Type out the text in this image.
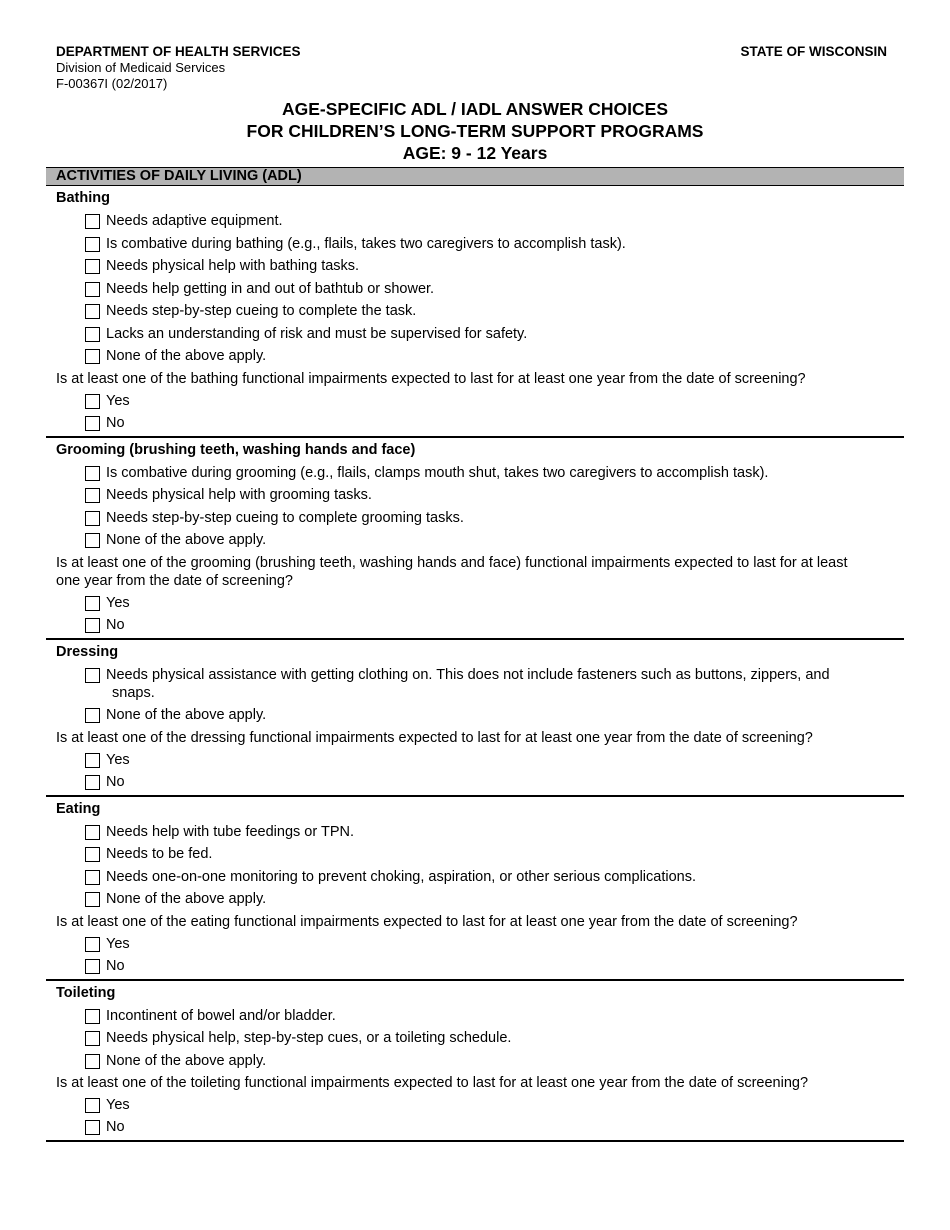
DEPARTMENT OF HEALTH SERVICES
Division of Medicaid Services
F-00367I (02/2017)
STATE OF WISCONSIN
AGE-SPECIFIC ADL / IADL ANSWER CHOICES
FOR CHILDREN’S LONG-TERM SUPPORT PROGRAMS
AGE: 9 - 12 Years
ACTIVITIES OF DAILY LIVING (ADL)
Bathing
Needs adaptive equipment.
Is combative during bathing (e.g., flails, takes two caregivers to accomplish task).
Needs physical help with bathing tasks.
Needs help getting in and out of bathtub or shower.
Needs step-by-step cueing to complete the task.
Lacks an understanding of risk and must be supervised for safety.
None of the above apply.
Is at least one of the bathing functional impairments expected to last for at least one year from the date of screening?
Yes
No
Grooming (brushing teeth, washing hands and face)
Is combative during grooming (e.g., flails, clamps mouth shut, takes two caregivers to accomplish task).
Needs physical help with grooming tasks.
Needs step-by-step cueing to complete grooming tasks.
None of the above apply.
Is at least one of the grooming (brushing teeth, washing hands and face) functional impairments expected to last for at least one year from the date of screening?
Yes
No
Dressing
Needs physical assistance with getting clothing on. This does not include fasteners such as buttons, zippers, and
snaps.
None of the above apply.
Is at least one of the dressing functional impairments expected to last for at least one year from the date of screening?
Yes
No
Eating
Needs help with tube feedings or TPN.
Needs to be fed.
Needs one-on-one monitoring to prevent choking, aspiration, or other serious complications.
None of the above apply.
Is at least one of the eating functional impairments expected to last for at least one year from the date of screening?
Yes
No
Toileting
Incontinent of bowel and/or bladder.
Needs physical help, step-by-step cues, or a toileting schedule.
None of the above apply.
Is at least one of the toileting functional impairments expected to last for at least one year from the date of screening?
Yes
No
